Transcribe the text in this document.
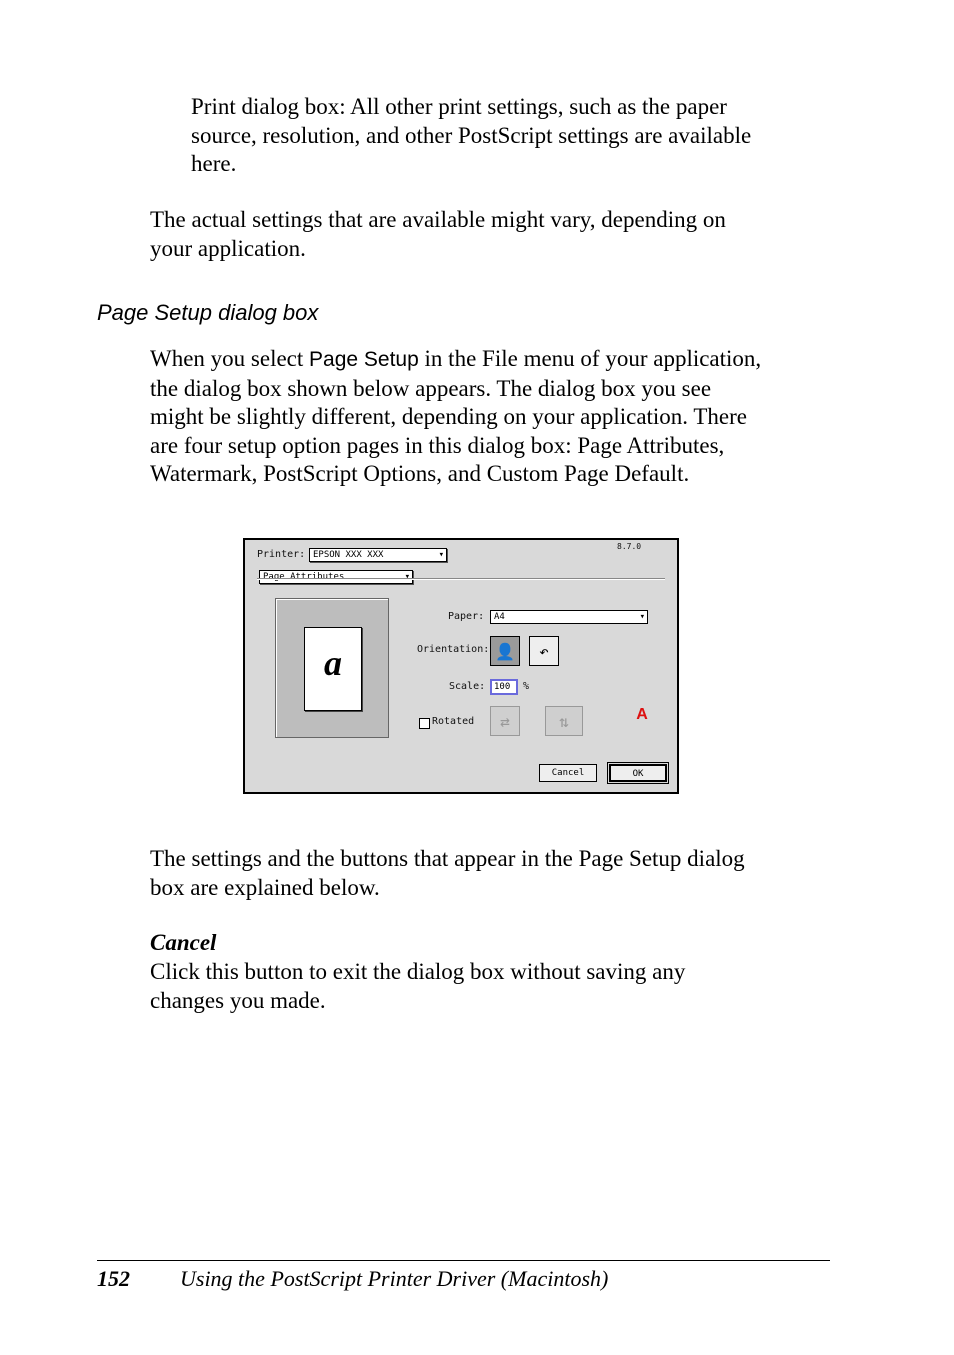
Print dialog box: All other print settings, such as the paper
source, resolution, and other PostScript settings are available
here.
The actual settings that are available might vary, depending on
your application.
Page Setup dialog box
When you select Page Setup in the File menu of your application,
the dialog box shown below appears. The dialog box you see
might be slightly different, depending on your application. There
are four setup option pages in this dialog box: Page Attributes,
Watermark, PostScript Options, and Custom Page Default.
Printer: EPSON XXX XXX	▾
8.7.0
Page Attributes	▾
a
Paper:	A4	▾
Orientation: 👤	↶
Scale: 100	%
Rotated	⇄	⇅	A
Cancel	OK
The settings and the buttons that appear in the Page Setup dialog
box are explained below.
Cancel
Click this button to exit the dialog box without saving any
changes you made.
152 Using the PostScript Printer Driver (Macintosh)
